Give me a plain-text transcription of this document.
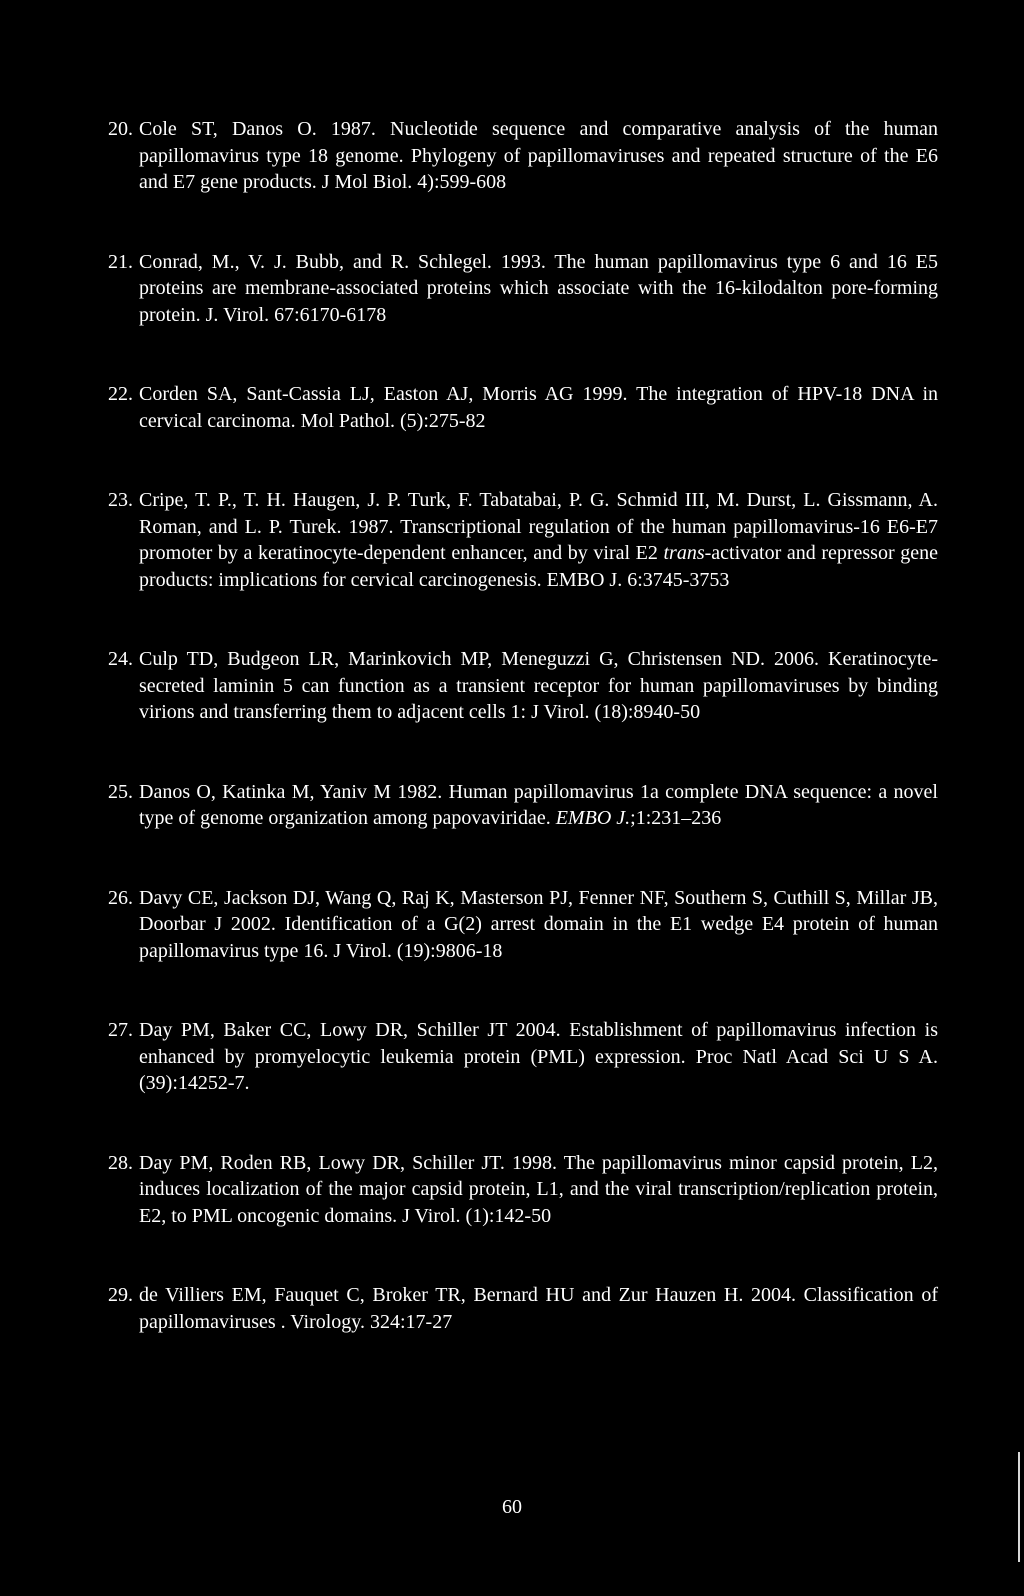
20. Cole ST, Danos O. 1987. Nucleotide sequence and comparative analysis of the human papillomavirus type 18 genome. Phylogeny of papillomaviruses and repeated structure of the E6 and E7 gene products. J Mol Biol. 4):599-608
21. Conrad, M., V. J. Bubb, and R. Schlegel. 1993. The human papillomavirus type 6 and 16 E5 proteins are membrane-associated proteins which associate with the 16-kilodalton pore-forming protein. J. Virol. 67:6170-6178
22. Corden SA, Sant-Cassia LJ, Easton AJ, Morris AG 1999. The integration of HPV-18 DNA in cervical carcinoma. Mol Pathol. (5):275-82
23. Cripe, T. P., T. H. Haugen, J. P. Turk, F. Tabatabai, P. G. Schmid III, M. Durst, L. Gissmann, A. Roman, and L. P. Turek. 1987. Transcriptional regulation of the human papillomavirus-16 E6-E7 promoter by a keratinocyte-dependent enhancer, and by viral E2 trans-activator and repressor gene products: implications for cervical carcinogenesis. EMBO J. 6:3745-3753
24. Culp TD, Budgeon LR, Marinkovich MP, Meneguzzi G, Christensen ND. 2006. Keratinocyte-secreted laminin 5 can function as a transient receptor for human papillomaviruses by binding virions and transferring them to adjacent cells 1: J Virol. (18):8940-50
25. Danos O, Katinka M, Yaniv M 1982. Human papillomavirus 1a complete DNA sequence: a novel type of genome organization among papovaviridae. EMBO J.;1:231–236
26. Davy CE, Jackson DJ, Wang Q, Raj K, Masterson PJ, Fenner NF, Southern S, Cuthill S, Millar JB, Doorbar J 2002. Identification of a G(2) arrest domain in the E1 wedge E4 protein of human papillomavirus type 16. J Virol. (19):9806-18
27. Day PM, Baker CC, Lowy DR, Schiller JT 2004. Establishment of papillomavirus infection is enhanced by promyelocytic leukemia protein (PML) expression. Proc Natl Acad Sci U S A. (39):14252-7.
28. Day PM, Roden RB, Lowy DR, Schiller JT. 1998. The papillomavirus minor capsid protein, L2, induces localization of the major capsid protein, L1, and the viral transcription/replication protein, E2, to PML oncogenic domains. J Virol. (1):142-50
29. de Villiers EM, Fauquet C, Broker TR, Bernard HU and Zur Hauzen H. 2004. Classification of papillomaviruses . Virology. 324:17-27
60
